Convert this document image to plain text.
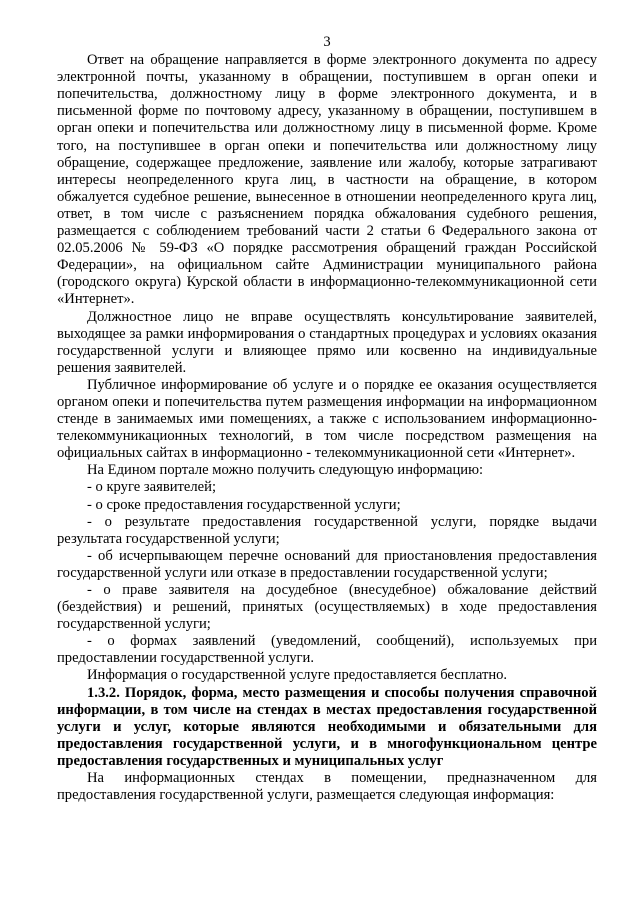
3

Ответ на обращение направляется в форме электронного документа по адресу электронной почты, указанному в обращении, поступившем в орган опеки и попечительства, должностному лицу в форме электронного документа, и в письменной форме по почтовому адресу, указанному в обращении, поступившем в орган опеки и попечительства или должностному лицу в письменной форме. Кроме того, на поступившее в орган опеки и попечительства или должностному лицу обращение, содержащее предложение, заявление или жалобу, которые затрагивают интересы неопределенного круга лиц, в частности на обращение, в котором обжалуется судебное решение, вынесенное в отношении неопределенного круга лиц, ответ, в том числе с разъяснением порядка обжалования судебного решения, размещается с соблюдением требований части 2 статьи 6 Федерального закона от 02.05.2006 № 59-ФЗ «О порядке рассмотрения обращений граждан Российской Федерации», на официальном сайте Администрации муниципального района (городского округа) Курской области в информационно-телекоммуникационной сети «Интернет».

Должностное лицо не вправе осуществлять консультирование заявителей, выходящее за рамки информирования о стандартных процедурах и условиях оказания государственной услуги и влияющее прямо или косвенно на индивидуальные решения заявителей.

Публичное информирование об услуге и о порядке ее оказания осуществляется органом опеки и попечительства путем размещения информации на информационном стенде в занимаемых ими помещениях, а также с использованием информационно-телекоммуникационных технологий, в том числе посредством размещения на официальных сайтах в информационно - телекоммуникационной сети «Интернет».

На Едином портале можно получить следующую информацию:

- о круге заявителей;

- о сроке предоставления государственной услуги;

- о результате предоставления государственной услуги, порядке выдачи результата государственной услуги;

- об исчерпывающем перечне оснований для приостановления предоставления государственной услуги или отказе в предоставлении государственной услуги;

- о праве заявителя на досудебное (внесудебное) обжалование действий (бездействия) и решений, принятых (осуществляемых) в ходе предоставления государственной услуги;

- о формах заявлений (уведомлений, сообщений), используемых при предоставлении государственной услуги.

Информация о государственной услуге предоставляется бесплатно.

1.3.2. Порядок, форма, место размещения и способы получения справочной информации, в том числе на стендах в местах предоставления государственной услуги и услуг, которые являются необходимыми и обязательными для предоставления государственной услуги, и в многофункциональном центре предоставления государственных и муниципальных услуг

На информационных стендах в помещении, предназначенном для предоставления государственной услуги, размещается следующая информация:
